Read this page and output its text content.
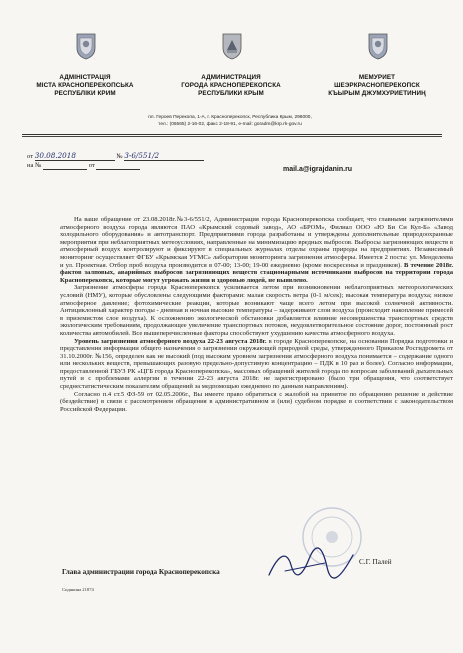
АДМІНІСТРАЦІЯ
МІСТА КРАСНОПЕРЕКОПСЬКА
РЕСПУБЛІКИ КРИМ
АДМИНИСТРАЦИЯ
ГОРОДА КРАСНОПЕРЕКОПСКА
РЕСПУБЛИКИ КРЫМ
МЕМУРИЕТ
ШЕЭРКРАСНОПЕРЕКОПСК
КЪЫРЫМ ДЖУМХУРИЕТИНИҢ
пл. Героев Перекопа, 1-А, г. Красноперекопск, Республика Крым, 296000,
тел.: (06565) 2-16-02, факс 2-18-91, e-mail: goradm@krp.rk-gov.ru
от 30.08.2018	№ 3-6/551/2
на №	от
mail.a@igrajdanin.ru

На ваше обращение от 23.08.2018г.№3-6/551/2, Администрация города Красноперекопска сообщает, что главными загрязнителями атмосферного воздуха города являются ПАО «Крымский содовый завод», АО «БРОМ», Филиал ООО «Ю Би Си Кул-Б» «Завод холодильного оборудования» и автотранспорт. Предприятиями города разработаны и утверждены дополнительные природоохранные мероприятия при неблагоприятных метеоусловиях, направленные на минимизацию вредных выбросов. Выбросы загрязняющих веществ в атмосферный воздух контролируют и фиксируют в специальных журналах отделы охраны природы на предприятиях. Независимый мониторинг осуществляет ФГБУ «Крымская УГМС» лаборатория мониторинга загрязнения атмосферы. Имеется 2 поста: ул. Менделеева и ул. Проектная. Отбор проб воздуха производится в 07-00; 13-00; 19-00 ежедневно (кроме воскресенья и праздников). В течение 2018г. фактов залповых, аварийных выбросов загрязняющих веществ стационарными источниками выбросов на территории города Красноперекопск, которые могут угрожать жизни и здоровью людей, не выявлено.

Загрязнение атмосферы города Красноперекопск усиливается летом при возникновении неблагоприятных метеорологических условий (НМУ), которые обусловлены следующими факторами: малая скорость ветра (0-1 м/сек); высокая температура воздуха; низкое атмосферное давление; фотохимические реакции, которые возникают чаще всего летом при высокой солнечной активности. Антициклонный характер погоды - дневная и ночная высокие температуры – задерживают слои воздуха (происходит накопление примесей в приземистом слое воздуха). К осложнению экологической обстановки добавляется влияние несовершенства транспортных средств экологическим требованиям, продолжающее увеличение транспортных потоков, неудовлетворительное состояние дорог, постоянный рост количества автомобилей. Все вышеперечисленные факторы способствуют ухудшению качества атмосферного воздуха.

Уровень загрязнения атмосферного воздуха 22-23 августа 2018г. в городе Красноперекопске, на основании Порядка подготовки и представления информации общего назначения о загрязнении окружающей природной среды, утвержденного Приказом Росгидромета от 31.10.2000г. №156, определен как не высокий (под высоким уровнем загрязнения атмосферного воздуха понимается – содержание одного или нескольких веществ, превышающих разовую предельно-допустимую концентрацию – ПДК в 10 раз и более). Согласно информации, предоставленной ГБУЗ РК «ЦГБ города Красноперекопска», массовых обращений жителей города по вопросам заболеваний дыхательных путей и с проблемами аллергии в течении 22-23 августа 2018г. не зарегистрировано (было три обращения, что соответствует среднестатистическим показателям обращений за медпомощью ежедневно по данным направлениям).

Согласно п.4 ст.5 ФЗ-59 от 02.05.2006г., Вы имеете право обратиться с жалобой на принятое по обращению решение и действие (бездействие) в связи с рассмотрением обращения в административном и (или) судебном порядке в соответствии с законодательством Российской Федерации.

Глава администрации города Красноперекопска
С.Г. Палей
Сидякина 21874
